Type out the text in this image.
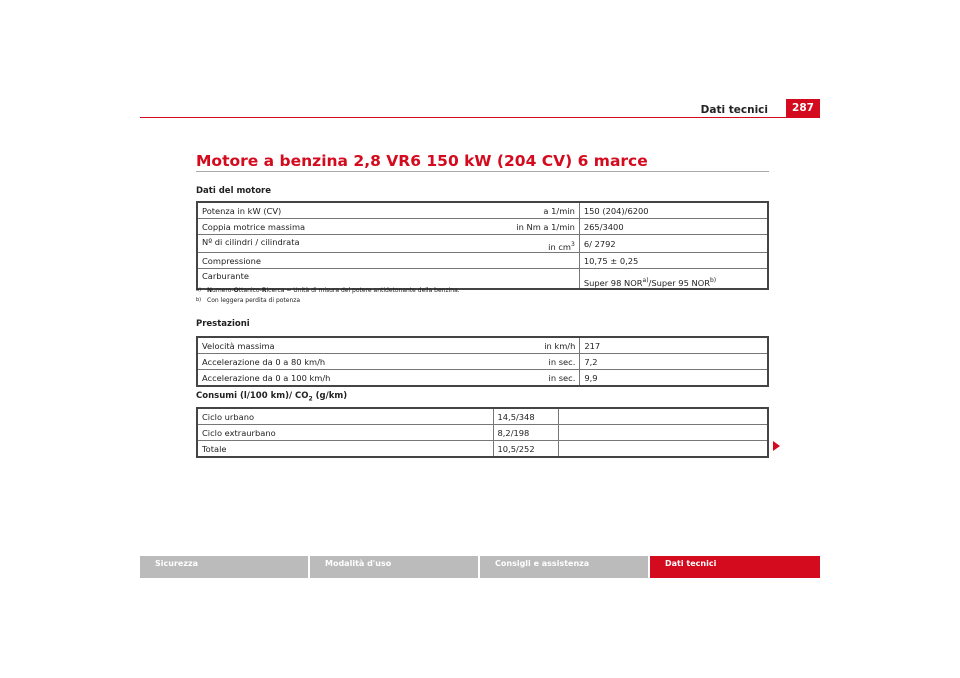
Dati tecnici	287
Motore a benzina 2,8 VR6 150 kW (204 CV) 6 marce
Dati del motore
Potenza in kW (CV)	a 1/min	150 (204)/6200
Coppia motrice massima	in Nm a 1/min	265/3400
Nº di cilindri / cilindrata	in $cm^3$	6/ 2792
Compressione		10,75 ± 0,25
Carburante		Super 98 NOR$^{a)}$/Super 95 NOR$^{b)}$
a) Numero-Ottanico-Ricerca = Unità di misura del potere antidetonante della benzina.
b) Con leggera perdita di potenza
Prestazioni
Velocità massima	in km/h	217
Accelerazione da 0 a 80 km/h	in sec.	7,2
Accelerazione da 0 a 100 km/h	in sec.	9,9
Consumi (l/100 km)/ $CO_2$ (g/km)
Ciclo urbano	14,5/348	
Ciclo extraurbano	8,2/198	
Totale	10,5/252	
Sicurezza	Modalità d'uso	Consigli e assistenza	Dati tecnici
